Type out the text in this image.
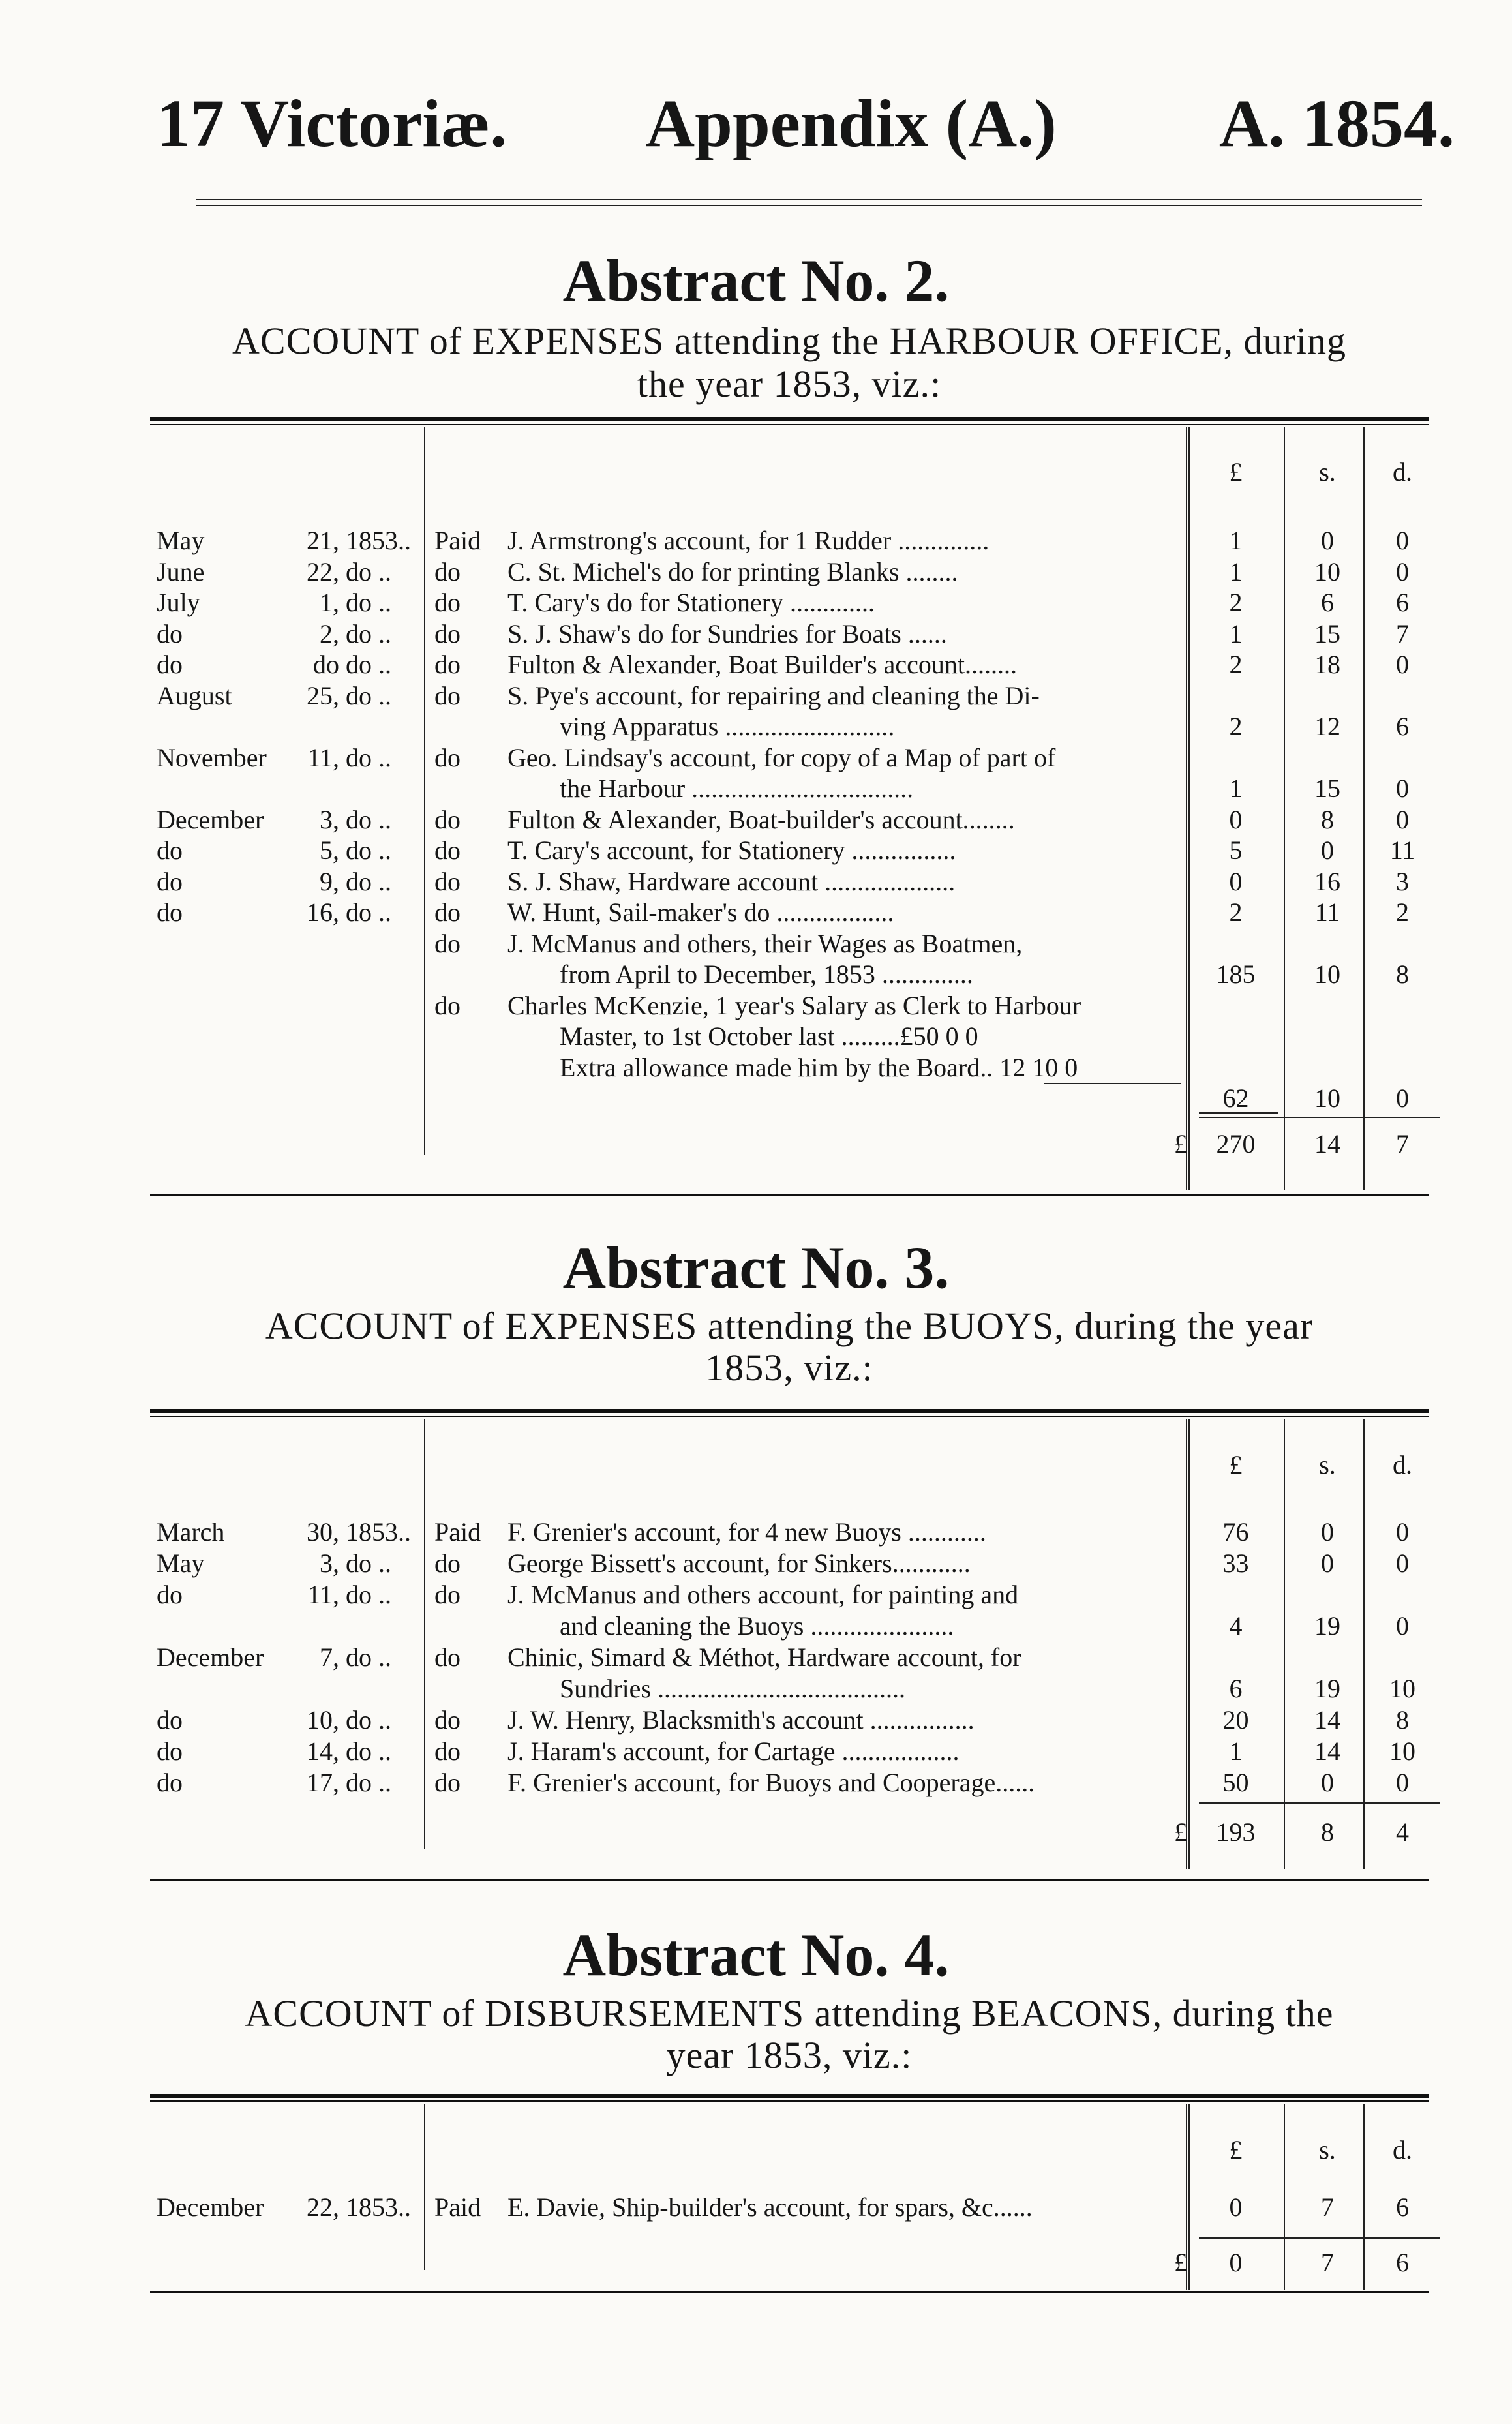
17 Victoriæ. Appendix (A.) A. 1854.
Abstract No. 2.
ACCOUNT of EXPENSES attending the HARBOUR OFFICE, during
the year 1853, viz.:
£	s.	d.
May	21, 1853.. Paid J. Armstrong's account, for 1 Rudder ..............	1	0	0
June	22, do .. do C. St. Michel's do for printing Blanks ........	1	10	0
July	1, do .. do T. Cary's do for Stationery .............	2	6	6
do	2, do .. do S. J. Shaw's do for Sundries for Boats ......	1	15	7
do	do do .. do Fulton & Alexander, Boat Builder's account........	2	18	0
August	25, do .. do S. Pye's account, for repairing and cleaning the Di-
ving Apparatus ..........................	2	12	6
November	11, do .. do Geo. Lindsay's account, for copy of a Map of part of
the Harbour ..................................	1	15	0
December	3, do .. do Fulton & Alexander, Boat-builder's account........	0	8	0
do	5, do .. do T. Cary's account, for Stationery ................	5	0	11
do	9, do .. do S. J. Shaw, Hardware account ....................	0	16	3
do	16, do .. do W. Hunt, Sail-maker's do ..................	2	11	2
do J. McManus and others, their Wages as Boatmen,
from April to December, 1853 ..............	185	10	8
do Charles McKenzie, 1 year's Salary as Clerk to Harbour
Master, to 1st October last .........£50 0 0
Extra allowance made him by the Board.. 12 10 0
62	10	0
£	270	14	7
Abstract No. 3.
ACCOUNT of EXPENSES attending the BUOYS, during the year
1853, viz.:
£	s.	d.
March	30, 1853.. Paid F. Grenier's account, for 4 new Buoys ............	76	0	0
May	3, do .. do George Bissett's account, for Sinkers............	33	0	0
do	11, do .. do J. McManus and others account, for painting and
and cleaning the Buoys ......................	4	19	0
December	7, do .. do Chinic, Simard & Méthot, Hardware account, for
Sundries ......................................	6	19	10
do	10, do .. do J. W. Henry, Blacksmith's account ................	20	14	8
do	14, do .. do J. Haram's account, for Cartage ..................	1	14	10
do	17, do .. do F. Grenier's account, for Buoys and Cooperage......	50	0	0
£	193	8	4
Abstract No. 4.
ACCOUNT of DISBURSEMENTS attending BEACONS, during the
year 1853, viz.:
£	s.	d.
December	22, 1853.. Paid E. Davie, Ship-builder's account, for spars, &c......	0	7	6
£	0	7	6
